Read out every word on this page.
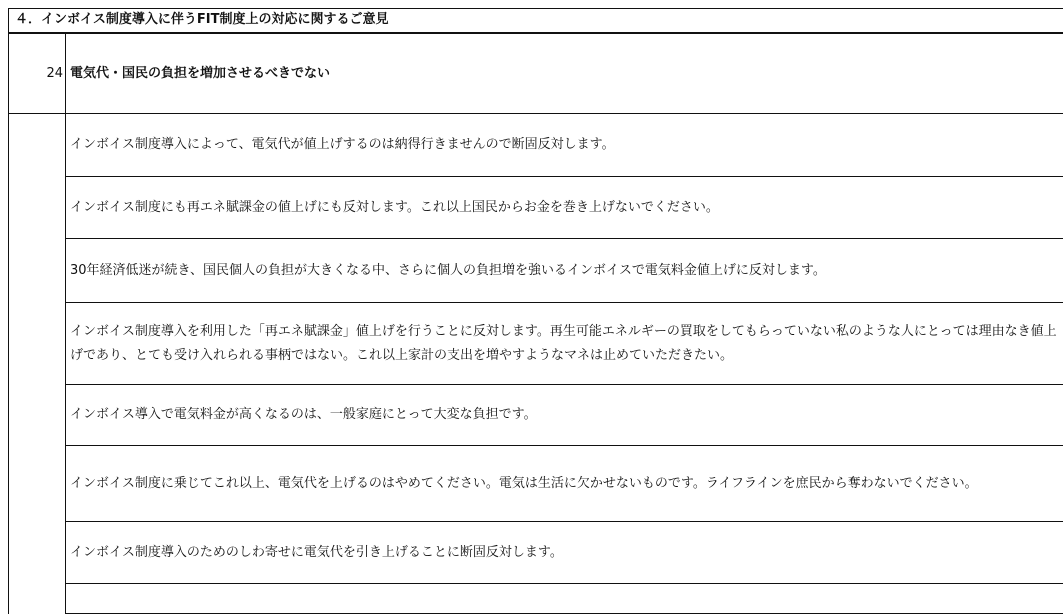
４．インボイス制度導入に伴うFIT制度上の対応に関するご意見
24	電気代・国民の負担を増加させるべきでない
	インボイス制度導入によって、電気代が値上げするのは納得行きませんので断固反対します。
	インボイス制度にも再エネ賦課金の値上げにも反対します。これ以上国民からお金を巻き上げないでください。
	30年経済低迷が続き、国民個人の負担が大きくなる中、さらに個人の負担増を強いるインボイスで電気料金値上げに反対します。
	インボイス制度導入を利用した「再エネ賦課金」値上げを行うことに反対します。再生可能エネルギーの買取をしてもらっていない私のような人にとっては理由なき値上げであり、とても受け入れられる事柄ではない。これ以上家計の支出を増やすようなマネは止めていただきたい。
	インボイス導入で電気料金が高くなるのは、一般家庭にとって大変な負担です。
	インボイス制度に乗じてこれ以上、電気代を上げるのはやめてください。電気は生活に欠かせないものです。ライフラインを庶民から奪わないでください。
	インボイス制度導入のためのしわ寄せに電気代を引き上げることに断固反対します。
